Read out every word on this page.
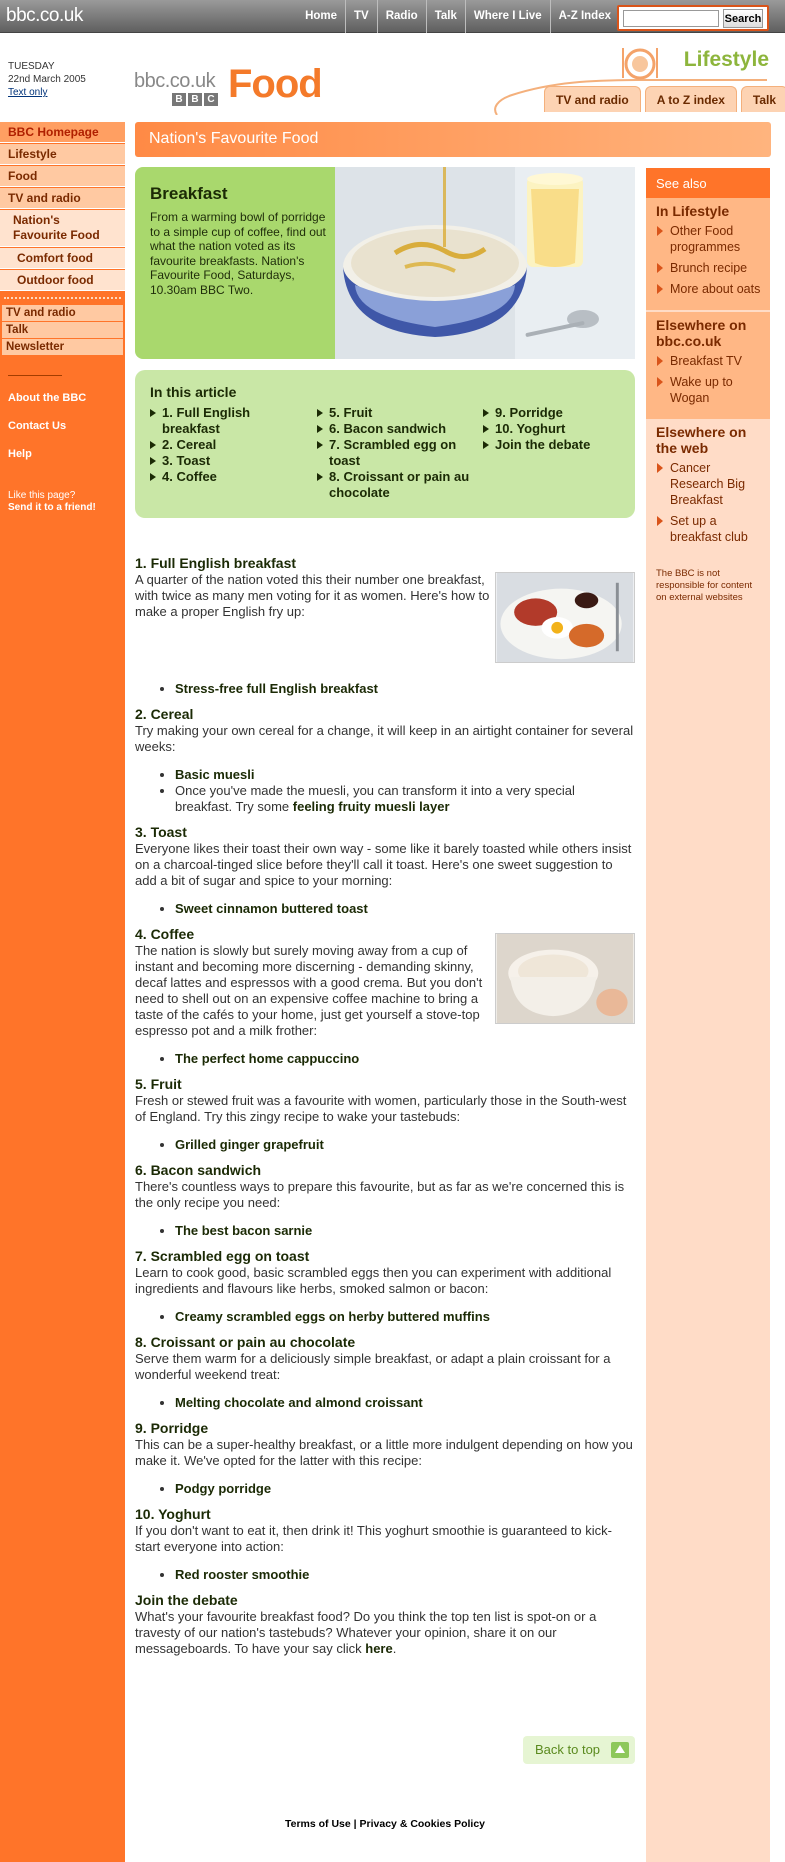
bbc.co.uk	Home	TV	Radio	Talk	Where I Live	A-Z Index	Search
TUESDAY
22nd March 2005
Text only
bbc.co.uk
B B C Food
Lifestyle
TV and radio	A to Z index	Talk
BBC Homepage
Lifestyle
Food
TV and radio
Nation's Favourite Food
Comfort food
Outdoor food
TV and radio
Talk
Newsletter
About the BBC
Contact Us
Help
Like this page?
Send it to a friend!
Nation's Favourite Food
Breakfast
From a warming bowl of porridge to a simple cup of coffee, find out what the nation voted as its favourite breakfasts. Nation's Favourite Food, Saturdays, 10.30am BBC Two.
In this article
1. Full English breakfast
2. Cereal
3. Toast
4. Coffee
5. Fruit
6. Bacon sandwich
7. Scrambled egg on toast
8. Croissant or pain au chocolate
9. Porridge
10. Yoghurt
Join the debate
1. Full English breakfast

A quarter of the nation voted this their number one breakfast, with twice as many men voting for it as women. Here's how to make a proper English fry up:

• Stress-free full English breakfast
2. Cereal

Try making your own cereal for a change, it will keep in an airtight container for several weeks:

• Basic muesli
• Once you've made the muesli, you can transform it into a very special breakfast. Try some feeling fruity muesli layer
3. Toast

Everyone likes their toast their own way - some like it barely toasted while others insist on a charcoal-tinged slice before they'll call it toast. Here's one sweet suggestion to add a bit of sugar and spice to your morning:

• Sweet cinnamon buttered toast
4. Coffee

The nation is slowly but surely moving away from a cup of instant and becoming more discerning - demanding skinny, decaf lattes and espressos with a good crema. But you don't need to shell out on an expensive coffee machine to bring a taste of the cafés to your home, just get yourself a stove-top espresso pot and a milk frother:

• The perfect home cappuccino
5. Fruit

Fresh or stewed fruit was a favourite with women, particularly those in the South-west of England. Try this zingy recipe to wake your tastebuds:

• Grilled ginger grapefruit
6. Bacon sandwich

There's countless ways to prepare this favourite, but as far as we're concerned this is the only recipe you need:

• The best bacon sarnie
7. Scrambled egg on toast

Learn to cook good, basic scrambled eggs then you can experiment with additional ingredients and flavours like herbs, smoked salmon or bacon:

• Creamy scrambled eggs on herby buttered muffins
8. Croissant or pain au chocolate

Serve them warm for a deliciously simple breakfast, or adapt a plain croissant for a wonderful weekend treat:

• Melting chocolate and almond croissant
9. Porridge

This can be a super-healthy breakfast, or a little more indulgent depending on how you make it. We've opted for the latter with this recipe:

• Podgy porridge
10. Yoghurt

If you don't want to eat it, then drink it! This yoghurt smoothie is guaranteed to kick-start everyone into action:

• Red rooster smoothie
Join the debate

What's your favourite breakfast food? Do you think the top ten list is spot-on or a travesty of our nation's tastebuds? Whatever your opinion, share it on our messageboards. To have your say click here.

Back to top
Terms of Use | Privacy & Cookies Policy
See also
In Lifestyle
Other Food programmes
Brunch recipe
More about oats
Elsewhere on bbc.co.uk
Breakfast TV
Wake up to Wogan
Elsewhere on the web
Cancer Research Big Breakfast
Set up a breakfast club
The BBC is not responsible for content on external websites
